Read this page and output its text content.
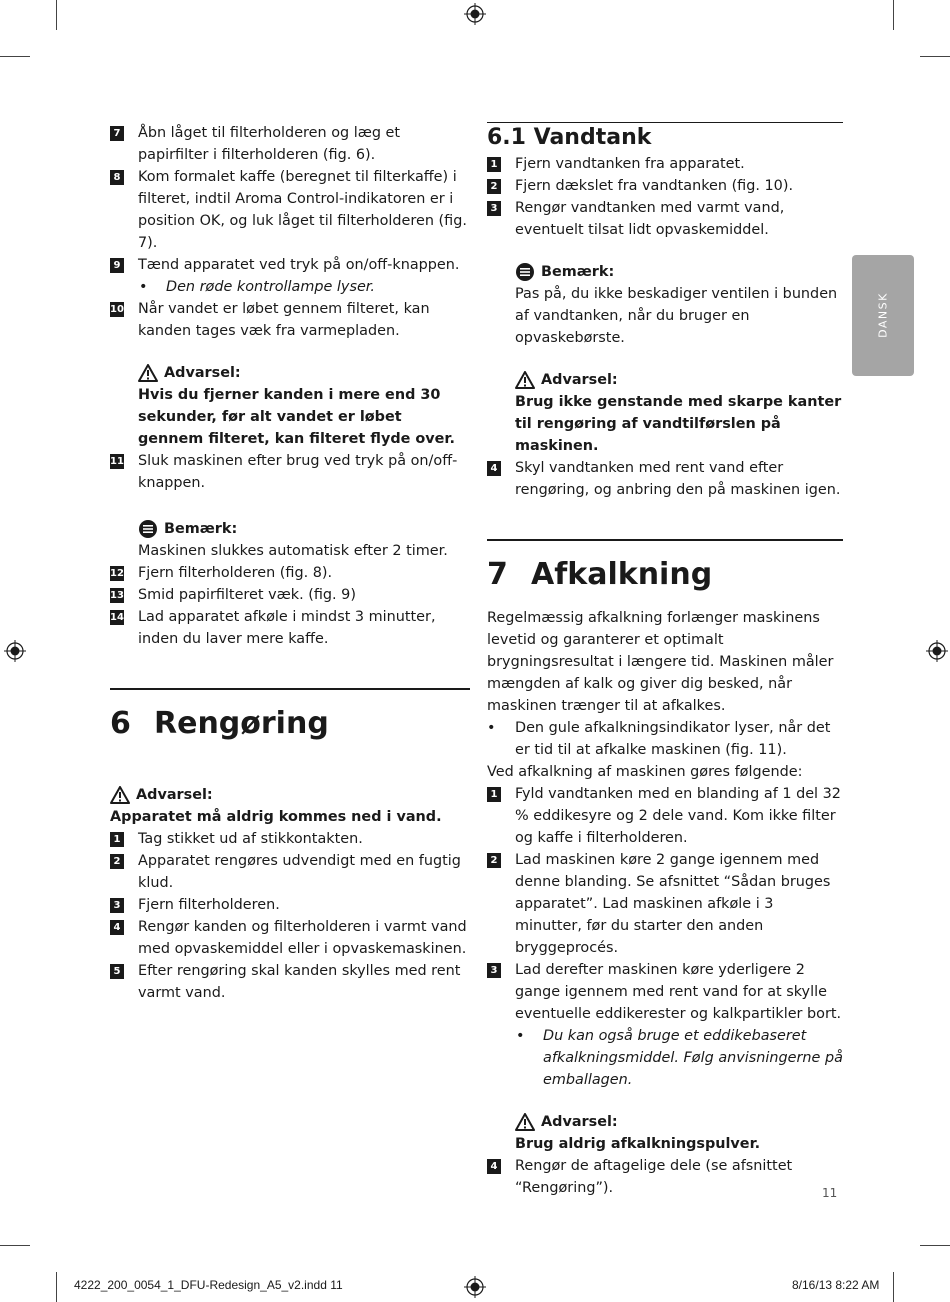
DANSK

7 Åbn låget til filterholderen og læg et papirfilter i filterholderen (fig. 6).

8 Kom formalet kaffe (beregnet til filterkaffe) i filteret, indtil Aroma Control-indikatoren er i position OK, og luk låget til filterholderen (fig. 7).

9 Tænd apparatet ved tryk på on/off-knappen.

• Den røde kontrollampe lyser.

10 Når vandet er løbet gennem filteret, kan kanden tages væk fra varmepladen.

Advarsel:

Hvis du fjerner kanden i mere end 30 sekunder, før alt vandet er løbet gennem filteret, kan filteret flyde over.

11 Sluk maskinen efter brug ved tryk på on/off-knappen.

Bemærk:

Maskinen slukkes automatisk efter 2 timer.

12 Fjern filterholderen (fig. 8).

13 Smid papirfilteret væk. (fig. 9)

14 Lad apparatet afkøle i mindst 3 minutter, inden du laver mere kaffe.

6 Rengøring

Advarsel:

Apparatet må aldrig kommes ned i vand.

1 Tag stikket ud af stikkontakten.

2 Apparatet rengøres udvendigt med en fugtig klud.

3 Fjern filterholderen.

4 Rengør kanden og filterholderen i varmt vand med opvaskemiddel eller i opvaskemaskinen.

5 Efter rengøring skal kanden skylles med rent varmt vand.

6.1 Vandtank

1 Fjern vandtanken fra apparatet.

2 Fjern dækslet fra vandtanken (fig. 10).

3 Rengør vandtanken med varmt vand, eventuelt tilsat lidt opvaskemiddel.

Bemærk:

Pas på, du ikke beskadiger ventilen i bunden af vandtanken, når du bruger en opvaskebørste.

Advarsel:

Brug ikke genstande med skarpe kanter til rengøring af vandtilførslen på maskinen.

4 Skyl vandtanken med rent vand efter rengøring, og anbring den på maskinen igen.

7 Afkalkning

Regelmæssig afkalkning forlænger maskinens levetid og garanterer et optimalt brygningsresultat i længere tid. Maskinen måler mængden af kalk og giver dig besked, når maskinen trænger til at afkalkes.

• Den gule afkalkningsindikator lyser, når det er tid til at afkalke maskinen (fig. 11).

Ved afkalkning af maskinen gøres følgende:

1 Fyld vandtanken med en blanding af 1 del 32 % eddikesyre og 2 dele vand. Kom ikke filter og kaffe i filterholderen.

2 Lad maskinen køre 2 gange igennem med denne blanding. Se afsnittet “Sådan bruges apparatet”. Lad maskinen afkøle i 3 minutter, før du starter den anden bryggeprocés.

3 Lad derefter maskinen køre yderligere 2 gange igennem med rent vand for at skylle eventuelle eddikerester og kalkpartikler bort.

• Du kan også bruge et eddikebaseret afkalkningsmiddel. Følg anvisningerne på emballagen.

Advarsel:

Brug aldrig afkalkningspulver.

4 Rengør de aftagelige dele (se afsnittet “Rengøring”).	11
4222_200_0054_1_DFU-Redesign_A5_v2.indd 11	8/16/13 8:22 AM
